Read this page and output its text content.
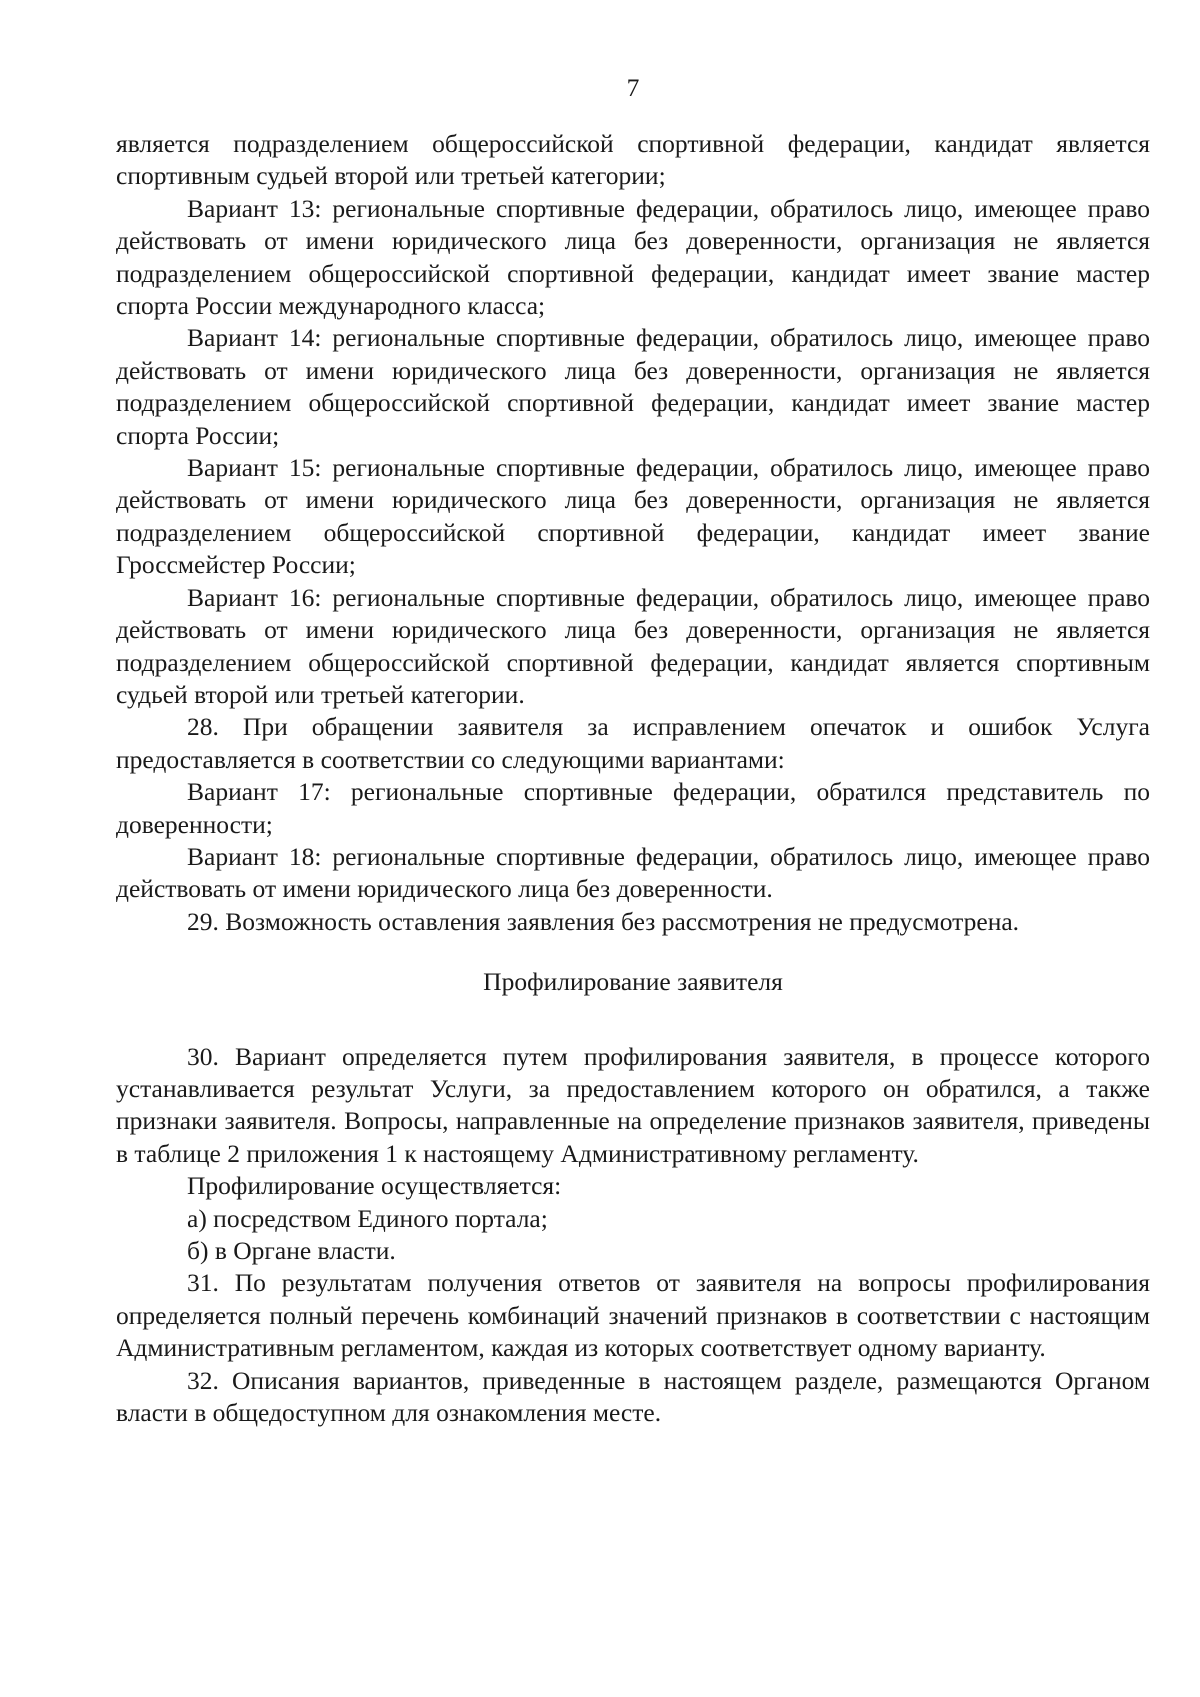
7

является подразделением общероссийской спортивной федерации, кандидат является спортивным судьей второй или третьей категории;

Вариант 13: региональные спортивные федерации, обратилось лицо, имеющее право действовать от имени юридического лица без доверенности, организация не является подразделением общероссийской спортивной федерации, кандидат имеет звание мастер спорта России международного класса;

Вариант 14: региональные спортивные федерации, обратилось лицо, имеющее право действовать от имени юридического лица без доверенности, организация не является подразделением общероссийской спортивной федерации, кандидат имеет звание мастер спорта России;

Вариант 15: региональные спортивные федерации, обратилось лицо, имеющее право действовать от имени юридического лица без доверенности, организация не является подразделением общероссийской спортивной федерации, кандидат имеет звание Гроссмейстер России;

Вариант 16: региональные спортивные федерации, обратилось лицо, имеющее право действовать от имени юридического лица без доверенности, организация не является подразделением общероссийской спортивной федерации, кандидат является спортивным судьей второй или третьей категории.

28. При обращении заявителя за исправлением опечаток и ошибок Услуга предоставляется в соответствии со следующими вариантами:

Вариант 17: региональные спортивные федерации, обратился представитель по доверенности;

Вариант 18: региональные спортивные федерации, обратилось лицо, имеющее право действовать от имени юридического лица без доверенности.

29. Возможность оставления заявления без рассмотрения не предусмотрена.

Профилирование заявителя

30. Вариант определяется путем профилирования заявителя, в процессе которого устанавливается результат Услуги, за предоставлением которого он обратился, а также признаки заявителя. Вопросы, направленные на определение признаков заявителя, приведены в таблице 2 приложения 1 к настоящему Административному регламенту.

Профилирование осуществляется:

а) посредством Единого портала;

б) в Органе власти.

31. По результатам получения ответов от заявителя на вопросы профилирования определяется полный перечень комбинаций значений признаков в соответствии с настоящим Административным регламентом, каждая из которых соответствует одному варианту.

32. Описания вариантов, приведенные в настоящем разделе, размещаются Органом власти в общедоступном для ознакомления месте.
